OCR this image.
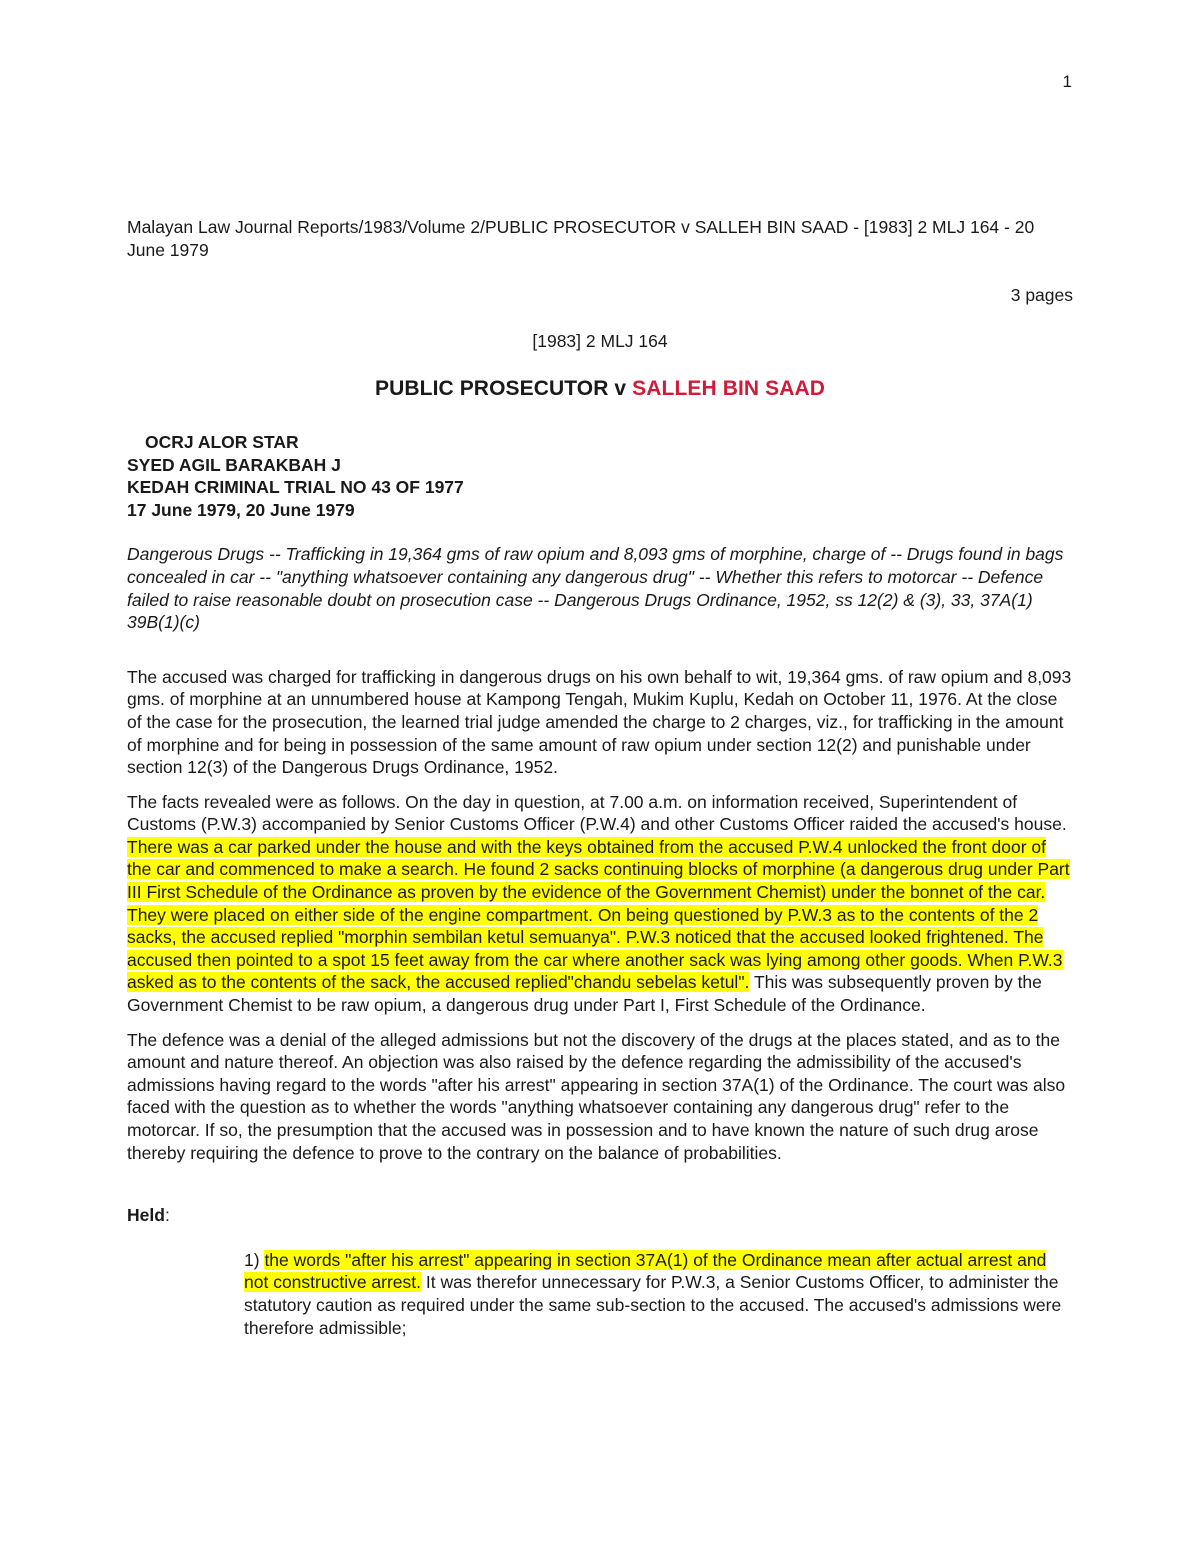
1

Malayan Law Journal Reports/1983/Volume 2/PUBLIC PROSECUTOR v SALLEH BIN SAAD - [1983] 2 MLJ 164 - 20 June 1979

3 pages

[1983] 2 MLJ 164

PUBLIC PROSECUTOR v SALLEH BIN SAAD

OCRJ ALOR STAR
SYED AGIL BARAKBAH J
KEDAH CRIMINAL TRIAL NO 43 OF 1977
17 June 1979, 20 June 1979

Dangerous Drugs -- Trafficking in 19,364 gms of raw opium and 8,093 gms of morphine, charge of -- Drugs found in bags concealed in car -- "anything whatsoever containing any dangerous drug" -- Whether this refers to motorcar -- Defence failed to raise reasonable doubt on prosecution case -- Dangerous Drugs Ordinance, 1952, ss 12(2) & (3), 33, 37A(1) 39B(1)(c)

The accused was charged for trafficking in dangerous drugs on his own behalf to wit, 19,364 gms. of raw opium and 8,093 gms. of morphine at an unnumbered house at Kampong Tengah, Mukim Kuplu, Kedah on October 11, 1976. At the close of the case for the prosecution, the learned trial judge amended the charge to 2 charges, viz., for trafficking in the amount of morphine and for being in possession of the same amount of raw opium under section 12(2) and punishable under section 12(3) of the Dangerous Drugs Ordinance, 1952.

The facts revealed were as follows. On the day in question, at 7.00 a.m. on information received, Superintendent of Customs (P.W.3) accompanied by Senior Customs Officer (P.W.4) and other Customs Officer raided the accused's house. There was a car parked under the house and with the keys obtained from the accused P.W.4 unlocked the front door of the car and commenced to make a search. He found 2 sacks continuing blocks of morphine (a dangerous drug under Part III First Schedule of the Ordinance as proven by the evidence of the Government Chemist) under the bonnet of the car. They were placed on either side of the engine compartment. On being questioned by P.W.3 as to the contents of the 2 sacks, the accused replied "morphin sembilan ketul semuanya". P.W.3 noticed that the accused looked frightened. The accused then pointed to a spot 15 feet away from the car where another sack was lying among other goods. When P.W.3 asked as to the contents of the sack, the accused replied"chandu sebelas ketul". This was subsequently proven by the Government Chemist to be raw opium, a dangerous drug under Part I, First Schedule of the Ordinance.

The defence was a denial of the alleged admissions but not the discovery of the drugs at the places stated, and as to the amount and nature thereof. An objection was also raised by the defence regarding the admissibility of the accused's admissions having regard to the words "after his arrest" appearing in section 37A(1) of the Ordinance. The court was also faced with the question as to whether the words "anything whatsoever containing any dangerous drug" refer to the motorcar. If so, the presumption that the accused was in possession and to have known the nature of such drug arose thereby requiring the defence to prove to the contrary on the balance of probabilities.

Held:

1) the words "after his arrest" appearing in section 37A(1) of the Ordinance mean after actual arrest and not constructive arrest. It was therefor unnecessary for P.W.3, a Senior Customs Officer, to administer the statutory caution as required under the same sub-section to the accused. The accused's admissions were therefore admissible;
